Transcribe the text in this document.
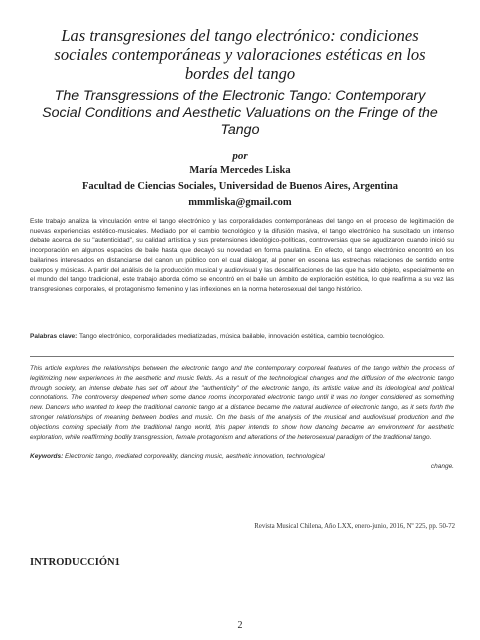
Las transgresiones del tango electrónico: condiciones sociales contemporáneas y valoraciones estéticas en los bordes del tango
The Transgressions of the Electronic Tango: Contemporary Social Conditions and Aesthetic Valuations on the Fringe of the Tango
por
María Mercedes Liska
Facultad de Ciencias Sociales, Universidad de Buenos Aires, Argentina
mmmliska@gmail.com
Este trabajo analiza la vinculación entre el tango electrónico y las corporalidades contemporáneas del tango en el proceso de legitimación de nuevas experiencias estético-musicales. Mediado por el cambio tecnológico y la difusión masiva, el tango electrónico ha suscitado un intenso debate acerca de su "autenticidad", su calidad artística y sus pretensiones ideológico-políticas, controversias que se agudizaron cuando inició su incorporación en algunos espacios de baile hasta que decayó su novedad en forma paulatina. En efecto, el tango electrónico encontró en los bailarines interesados en distanciarse del canon un público con el cual dialogar, al poner en escena las estrechas relaciones de sentido entre cuerpos y músicas. A partir del análisis de la producción musical y audiovisual y las descalificaciones de las que ha sido objeto, especialmente en el mundo del tango tradicional, este trabajo aborda cómo se encontró en el baile un ámbito de exploración estética, lo que reafirma a su vez las transgresiones corporales, el protagonismo femenino y las inflexiones en la norma heterosexual del tango histórico.
Palabras clave: Tango electrónico, corporalidades mediatizadas, música bailable, innovación estética, cambio tecnológico.
This article explores the relationships between the electronic tango and the contemporary corporeal features of the tango within the process of legitimizing new experiences in the aesthetic and music fields. As a result of the technological changes and the diffusion of the electronic tango through society, an intense debate has set off about the "authenticity" of the electronic tango, its artistic value and its ideological and political connotations. The controversy deepened when some dance rooms incorporated electronic tango until it was no longer considered as something new. Dancers who wanted to keep the traditional canonic tango at a distance became the natural audience of electronic tango, as it sets forth the stronger relationships of meaning between bodies and music. On the basis of the analysis of the musical and audiovisual production and the objections coming specially from the traditional tango world, this paper intends to show how dancing became an environment for aesthetic exploration, while reaffirming bodily transgression, female protagonism and alterations of the heterosexual paradigm of the traditional tango.
Keywords: Electronic tango, mediated corporeality, dancing music, aesthetic innovation, technological
change.
Revista Musical Chilena, Año LXX, enero-junio, 2016, Nº 225, pp. 50-72
INTRODUCCIÓN1
2
